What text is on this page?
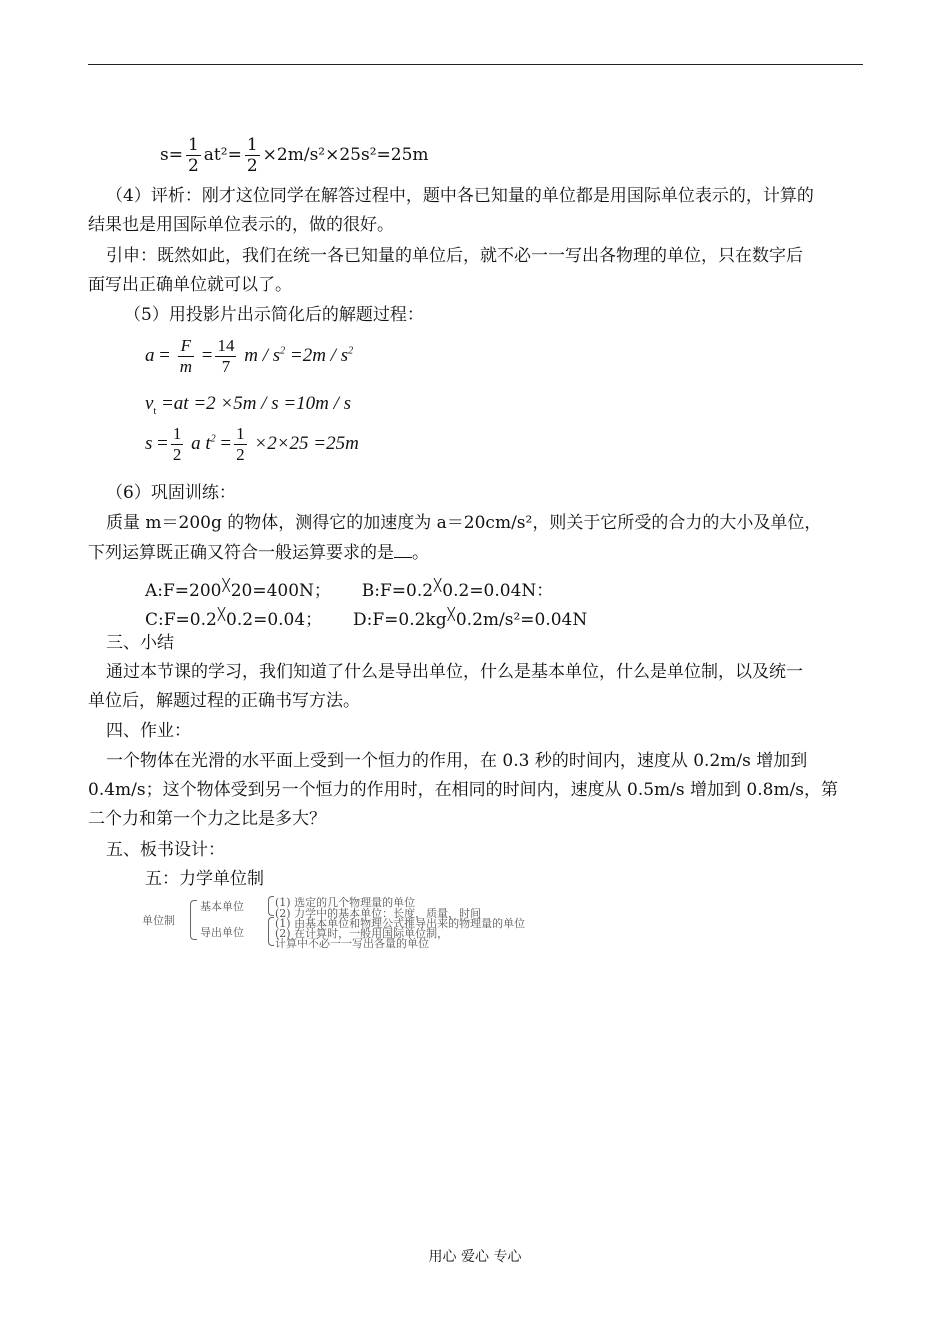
$s= \frac{1}{2} at^2= \frac{1}{2} \times 2m/s^2\times 25s^2=25m$
（4）评析：刚才这位同学在解答过程中，题中各已知量的单位都是用国际单位表示的，计算的
结果也是用国际单位表示的，做的很好。
引申：既然如此，我们在统一各已知量的单位后，就不必一一写出各物理的单位，只在数字后
面写出正确单位就可以了。
（5）用投影片出示简化后的解题过程：
$a = \frac{F}{m} = \frac{14}{7}$ $m / s^2 =2m / s^2$
$v_t =at =2 \times 5m / s =10m / s$
$s = \frac{1}{2}$ a $t^2 = \frac{1}{2} \times 2\times 25 =25m$
（6）巩固训练：
质量 m＝200g 的物体，测得它的加速度为 a＝20cm/s²，则关于它所受的合力的大小及单位，
下列运算既正确又符合一般运算要求的是 。
A:F=200╳20=400N； B:F=0.2╳0.2=0.04N：
C:F=0.2╳0.2=0.04； D:F=0.2kg╳0.2m/s²=0.04N
三、小结
通过本节课的学习，我们知道了什么是导出单位，什么是基本单位，什么是单位制，以及统一
单位后，解题过程的正确书写方法。
四、作业：
一个物体在光滑的水平面上受到一个恒力的作用，在 0.3 秒的时间内，速度从 0.2m/s 增加到
0.4m/s；这个物体受到另一个恒力的作用时，在相同的时间内，速度从 0.5m/s 增加到 0.8m/s，第
二个力和第一个力之比是多大？
五、板书设计：
五：力学单位制
单位制
基本单位
导出单位
(1) 选定的几个物理量的单位
(2) 力学中的基本单位：长度，质量，时间
(1) 由基本单位和物理公式推导出来的物理量的单位
(2) 在计算时，一般用国际单位制，
计算中不必一一写出各量的单位
用心 爱心 专心
